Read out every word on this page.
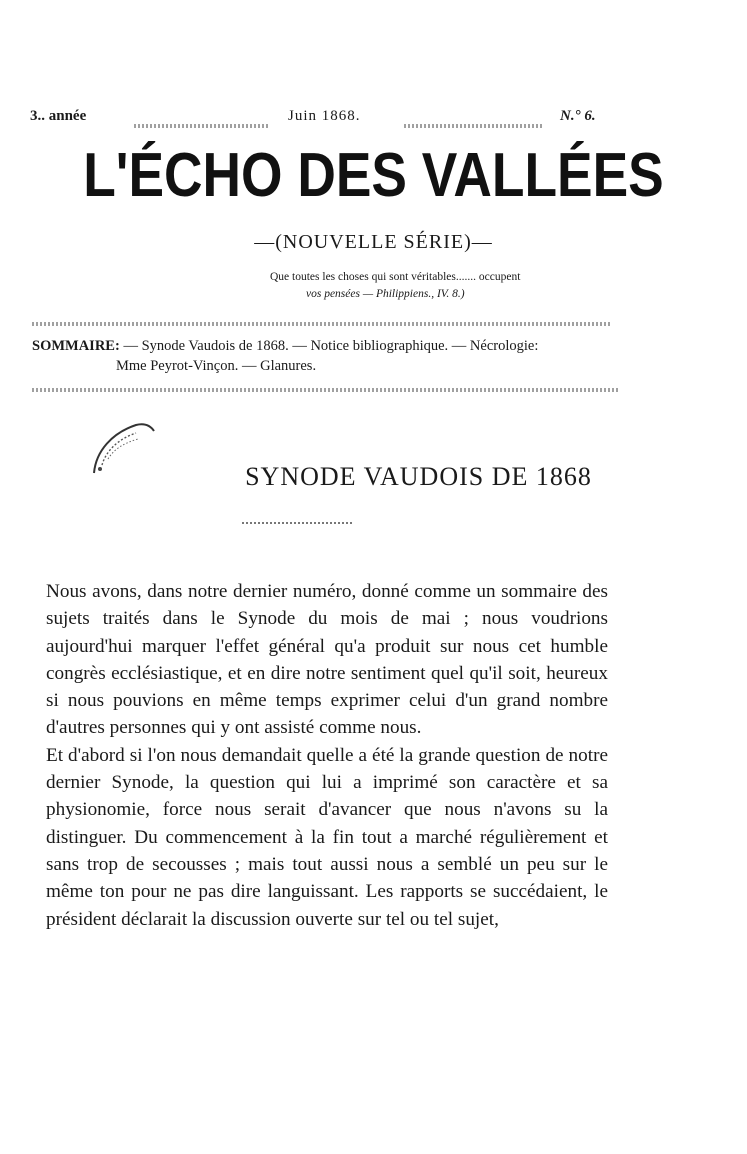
3.. année	Juin 1868.	N.° 6.
L'ÉCHO DES VALLÉES
—(NOUVELLE SÉRIE)—
Que toutes les choses qui sont véritables....... occupent
vos pensées — Philippiens., IV. 8.)
SOMMAIRE: — Synode Vaudois de 1868. — Notice bibliographique. — Nécrologie:
Mme Peyrot-Vinçon. — Glanures.
SYNODE VAUDOIS DE 1868

Nous avons, dans notre dernier numéro, donné comme un sommaire des sujets traités dans le Synode du mois de mai ; nous voudrions aujourd'hui marquer l'effet général qu'a produit sur nous cet humble congrès ecclésiastique, et en dire notre sentiment quel qu'il soit, heureux si nous pouvions en même temps exprimer celui d'un grand nombre d'autres personnes qui y ont assisté comme nous.

Et d'abord si l'on nous demandait quelle a été la grande question de notre dernier Synode, la question qui lui a imprimé son caractère et sa physionomie, force nous serait d'avancer que nous n'avons su la distinguer. Du commencement à la fin tout a marché régulièrement et sans trop de secousses ; mais tout aussi nous a semblé un peu sur le même ton pour ne pas dire languissant. Les rapports se succédaient, le président déclarait la discussion ouverte sur tel ou tel sujet,
